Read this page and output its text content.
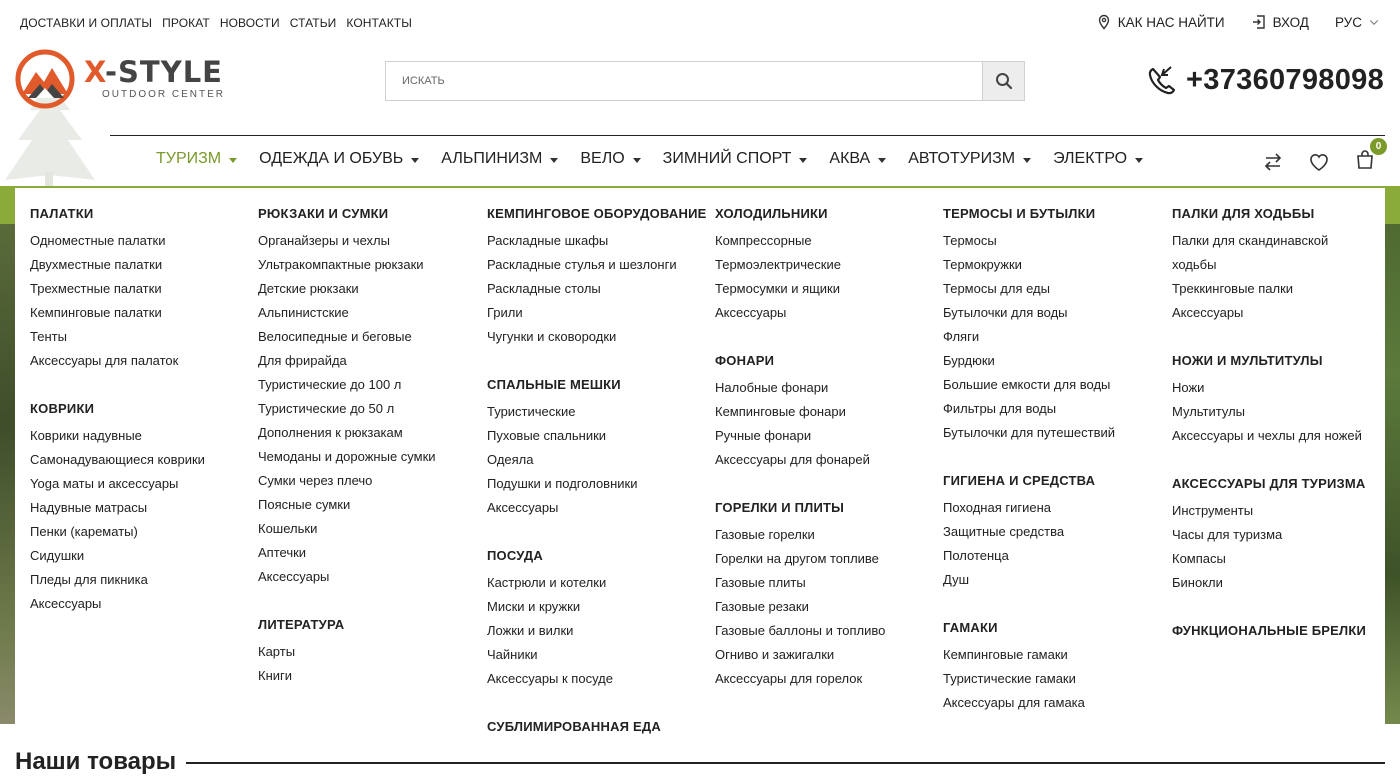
ДОСТАВКИ И ОПЛАТЫ ПРОКАТ НОВОСТИ СТАТЬИ КОНТАКТЫ	КАК НАС НАЙТИ	ВХОД РУС
X-STYLE
OUTDOOR CENTER
ИСКАТЬ	+37360798098
ТУРИЗМ ОДЕЖДА И ОБУВЬ АЛЬПИНИЗМ ВЕЛО ЗИМНИЙ СПОРТ АКВА АВТОТУРИЗМ ЭЛЕКТРО
0
ПАЛАТКИ
Одноместные палатки
Двухместные палатки
Трехместные палатки
Кемпинговые палатки
Тенты
Аксессуары для палаток
КОВРИКИ
Коврики надувные
Самонадувающиеся коврики
Yoga маты и аксессуары
Надувные матрасы
Пенки (карематы)
Сидушки
Пледы для пикника
Аксессуары
РЮКЗАКИ И СУМКИ
Органайзеры и чехлы
Ультракомпактные рюкзаки
Детские рюкзаки
Альпинистские
Велосипедные и беговые
Для фрирайда
Туристические до 100 л
Туристические до 50 л
Дополнения к рюкзакам
Чемоданы и дорожные сумки
Сумки через плечо
Поясные сумки
Кошельки
Аптечки
Аксессуары
ЛИТЕРАТУРА
Карты
Книги
КЕМПИНГОВОЕ ОБОРУДОВАНИЕ
Раскладные шкафы
Раскладные стулья и шезлонги
Раскладные столы
Грили
Чугунки и сковородки
СПАЛЬНЫЕ МЕШКИ
Туристические
Пуховые спальники
Одеяла
Подушки и подголовники
Аксессуары
ПОСУДА
Кастрюли и котелки
Миски и кружки
Ложки и вилки
Чайники
Аксессуары к посуде
СУБЛИМИРОВАННАЯ ЕДА
ХОЛОДИЛЬНИКИ
Компрессорные
Термоэлектрические
Термосумки и ящики
Аксессуары
ФОНАРИ
Налобные фонари
Кемпинговые фонари
Ручные фонари
Аксессуары для фонарей
ГОРЕЛКИ И ПЛИТЫ
Газовые горелки
Горелки на другом топливе
Газовые плиты
Газовые резаки
Газовые баллоны и топливо
Огниво и зажигалки
Аксессуары для горелок
ТЕРМОСЫ И БУТЫЛКИ
Термосы
Термокружки
Термосы для еды
Бутылочки для воды
Фляги
Бурдюки
Большие емкости для воды
Фильтры для воды
Бутылочки для путешествий
ГИГИЕНА И СРЕДСТВА
Походная гигиена
Защитные средства
Полотенца
Душ
ГАМАКИ
Кемпинговые гамаки
Туристические гамаки
Аксессуары для гамака
ПАЛКИ ДЛЯ ХОДЬБЫ
Палки для скандинавской ходьбы
Треккинговые палки
Аксессуары
НОЖИ И МУЛЬТИТУЛЫ
Ножи
Мультитулы
Аксессуары и чехлы для ножей
АКСЕССУАРЫ ДЛЯ ТУРИЗМА
Инструменты
Часы для туризма
Компасы
Бинокли
ФУНКЦИОНАЛЬНЫЕ БРЕЛКИ
Наши товары
